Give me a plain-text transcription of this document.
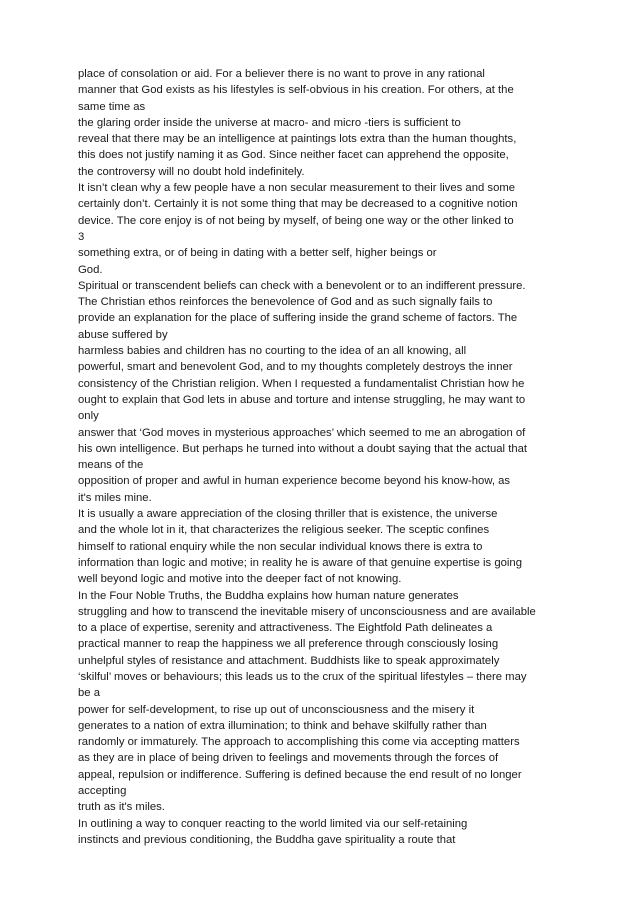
place of consolation or aid. For a believer there is no want to prove in any rational
manner that God exists as his lifestyles is self-obvious in his creation. For others, at the
same time as
the glaring order inside the universe at macro- and micro -tiers is sufficient to
reveal that there may be an intelligence at paintings lots extra than the human thoughts,
this does not justify naming it as God. Since neither facet can apprehend the opposite,
the controversy will no doubt hold indefinitely.
It isn’t clean why a few people have a non secular measurement to their lives and some
certainly don’t. Certainly it is not some thing that may be decreased to a cognitive notion
device. The core enjoy is of not being by myself, of being one way or the other linked to
3
something extra, or of being in dating with a better self, higher beings or
God.
Spiritual or transcendent beliefs can check with a benevolent or to an indifferent pressure.
The Christian ethos reinforces the benevolence of God and as such signally fails to
provide an explanation for the place of suffering inside the grand scheme of factors. The
abuse suffered by
harmless babies and children has no courting to the idea of an all knowing, all
powerful, smart and benevolent God, and to my thoughts completely destroys the inner
consistency of the Christian religion. When I requested a fundamentalist Christian how he
ought to explain that God lets in abuse and torture and intense struggling, he may want to
only
answer that ‘God moves in mysterious approaches’ which seemed to me an abrogation of
his own intelligence. But perhaps he turned into without a doubt saying that the actual that
means of the
opposition of proper and awful in human experience become beyond his know-how, as
it's miles mine.
It is usually a aware appreciation of the closing thriller that is existence, the universe
and the whole lot in it, that characterizes the religious seeker. The sceptic confines
himself to rational enquiry while the non secular individual knows there is extra to
information than logic and motive; in reality he is aware of that genuine expertise is going
well beyond logic and motive into the deeper fact of not knowing.
In the Four Noble Truths, the Buddha explains how human nature generates
struggling and how to transcend the inevitable misery of unconsciousness and are available
to a place of expertise, serenity and attractiveness. The Eightfold Path delineates a
practical manner to reap the happiness we all preference through consciously losing
unhelpful styles of resistance and attachment. Buddhists like to speak approximately
‘skilful’ moves or behaviours; this leads us to the crux of the spiritual lifestyles – there may
be a
power for self-development, to rise up out of unconsciousness and the misery it
generates to a nation of extra illumination; to think and behave skilfully rather than
randomly or immaturely. The approach to accomplishing this come via accepting matters
as they are in place of being driven to feelings and movements through the forces of
appeal, repulsion or indifference. Suffering is defined because the end result of no longer
accepting
truth as it's miles.
In outlining a way to conquer reacting to the world limited via our self-retaining
instincts and previous conditioning, the Buddha gave spirituality a route that
